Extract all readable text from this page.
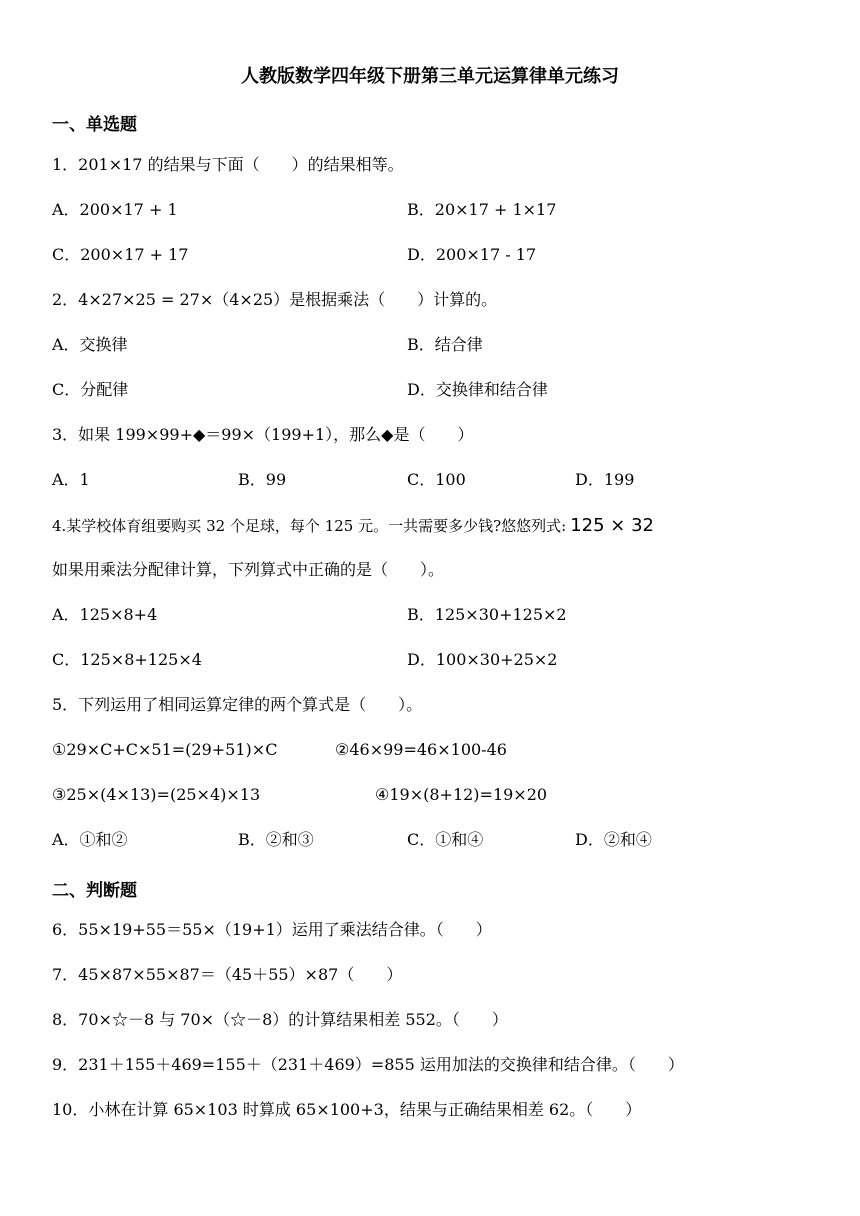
人教版数学四年级下册第三单元运算律单元练习
一、单选题
1．201×17 的结果与下面（　　）的结果相等。
A．200×17 + 1	B．20×17 + 1×17
C．200×17 + 17	D．200×17 - 17
2．4×27×25 = 27×（4×25）是根据乘法（　　）计算的。
A．交换律	B．结合律
C．分配律	D．交换律和结合律
3．如果 199×99+◆＝99×（199+1），那么◆是（　　）
A．1	B．99	C．100	D．199
4.某学校体育组要购买 32 个足球，每个 125 元。一共需要多少钱?悠悠列式: 125 × 32
如果用乘法分配律计算，下列算式中正确的是（　　）。
A．125×8+4	B．125×30+125×2
C．125×8+125×4	D．100×30+25×2
5．下列运用了相同运算定律的两个算式是（　　）。
①29×C+C×51=(29+51)×C	②46×99=46×100-46
③25×(4×13)=(25×4)×13	④19×(8+12)=19×20
A．①和②	B．②和③	C．①和④	D．②和④
二、判断题
6．55×19+55＝55×（19+1）运用了乘法结合律。（　　）
7．45×87×55×87＝（45＋55）×87（　　）
8．70×☆－8 与 70×（☆－8）的计算结果相差 552。（　　）
9．231＋155＋469=155＋（231＋469）=855 运用加法的交换律和结合律。（　　）
10．小林在计算 65×103 时算成 65×100+3，结果与正确结果相差 62。（　　）
